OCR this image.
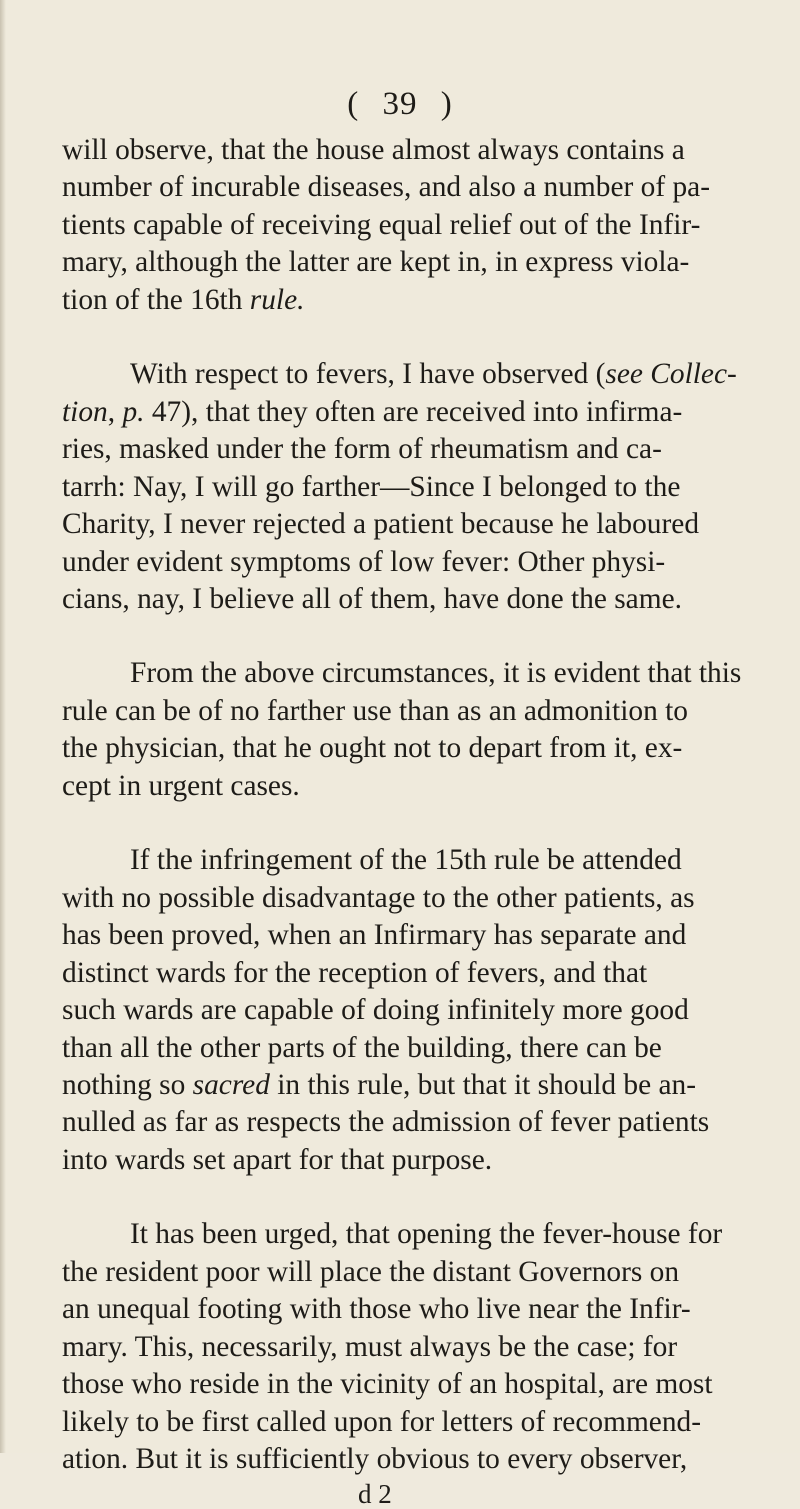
( 39 )
will observe, that the house almost always contains a
number of incurable diseases, and also a number of pa-
tients capable of receiving equal relief out of the Infir-
mary, although the latter are kept in, in express viola-
tion of the 16th rule.
With respect to fevers, I have observed (see Collec-
tion, p. 47), that they often are received into infirma-
ries, masked under the form of rheumatism and ca-
tarrh: Nay, I will go farther—Since I belonged to the
Charity, I never rejected a patient because he laboured
under evident symptoms of low fever: Other physi-
cians, nay, I believe all of them, have done the same.
From the above circumstances, it is evident that this
rule can be of no farther use than as an admonition to
the physician, that he ought not to depart from it, ex-
cept in urgent cases.
If the infringement of the 15th rule be attended
with no possible disadvantage to the other patients, as
has been proved, when an Infirmary has separate and
distinct wards for the reception of fevers, and that
such wards are capable of doing infinitely more good
than all the other parts of the building, there can be
nothing so sacred in this rule, but that it should be an-
nulled as far as respects the admission of fever patients
into wards set apart for that purpose.
It has been urged, that opening the fever-house for
the resident poor will place the distant Governors on
an unequal footing with those who live near the Infir-
mary. This, necessarily, must always be the case; for
those who reside in the vicinity of an hospital, are most
likely to be first called upon for letters of recommend-
ation. But it is sufficiently obvious to every observer,
d 2
